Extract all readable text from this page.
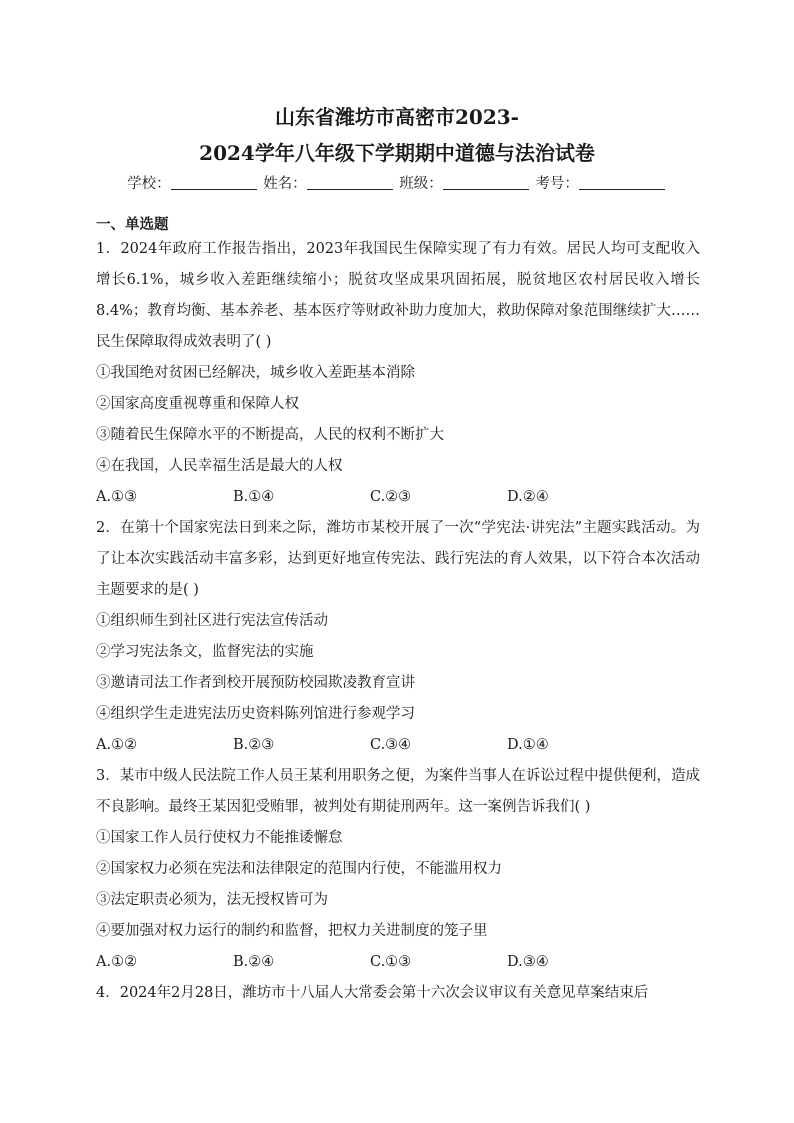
山东省潍坊市高密市2023-
2024学年八年级下学期期中道德与法治试卷
学校：	姓名：	班级：	考号：
一、单选题
1．2024年政府工作报告指出，2023年我国民生保障实现了有力有效。居民人均可支配收入增长6.1%，城乡收入差距继续缩小；脱贫攻坚成果巩固拓展，脱贫地区农村居民收入增长8.4%；教育均衡、基本养老、基本医疗等财政补助力度加大，救助保障对象范围继续扩大……民生保障取得成效表明了( )
①我国绝对贫困已经解决，城乡收入差距基本消除
②国家高度重视尊重和保障人权
③随着民生保障水平的不断提高，人民的权利不断扩大
④在我国，人民幸福生活是最大的人权
A.①③	B.①④	C.②③	D.②④
2．在第十个国家宪法日到来之际，潍坊市某校开展了一次“学宪法·讲宪法”主题实践活动。为了让本次实践活动丰富多彩，达到更好地宣传宪法、践行宪法的育人效果，以下符合本次活动主题要求的是( )
①组织师生到社区进行宪法宣传活动
②学习宪法条文，监督宪法的实施
③邀请司法工作者到校开展预防校园欺凌教育宣讲
④组织学生走进宪法历史资料陈列馆进行参观学习
A.①②	B.②③	C.③④	D.①④
3．某市中级人民法院工作人员王某利用职务之便，为案件当事人在诉讼过程中提供便利，造成不良影响。最终王某因犯受贿罪，被判处有期徒刑两年。这一案例告诉我们( )
①国家工作人员行使权力不能推诿懈怠
②国家权力必须在宪法和法律限定的范围内行使，不能滥用权力
③法定职责必须为，法无授权皆可为
④要加强对权力运行的制约和监督，把权力关进制度的笼子里
A.①②	B.②④	C.①③	D.③④
4．2024年2月28日，潍坊市十八届人大常委会第十六次会议审议有关意见草案结束后
